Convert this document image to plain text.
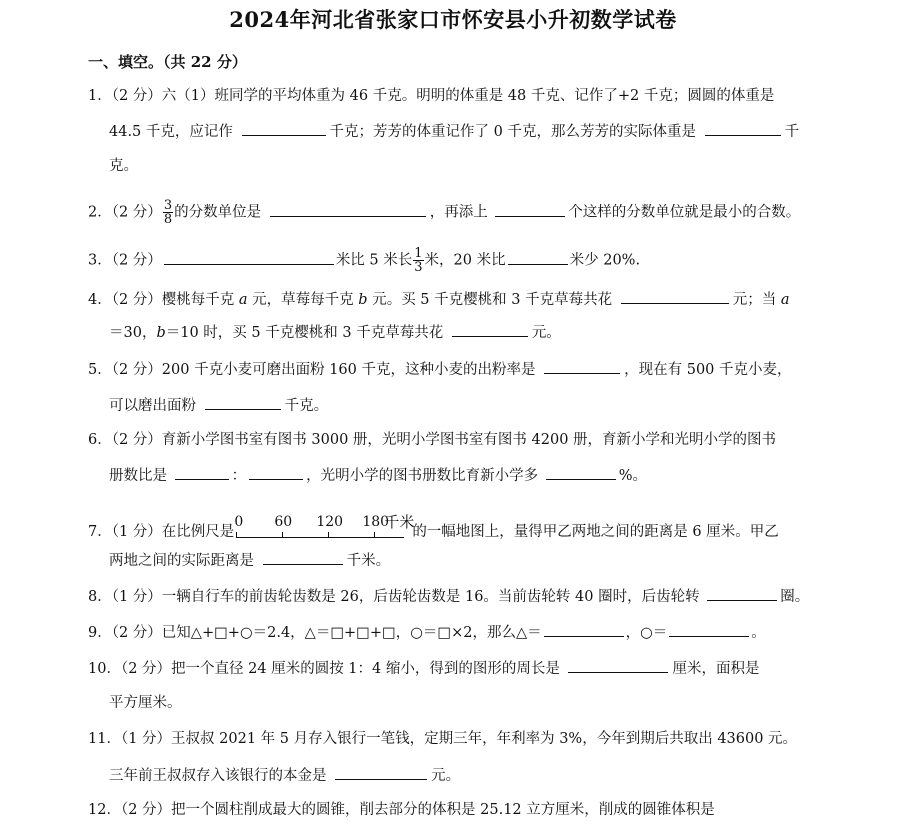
2024年河北省张家口市怀安县小升初数学试卷
一、填空。（共 22 分）
1．（2 分）六（1）班同学的平均体重为 46 千克。明明的体重是 48 千克、记作了+2 千克；圆圆的体重是
44.5 千克，应记作	千克；芳芳的体重记作了 0 千克，那么芳芳的实际体重是	千
克。
2．（2 分） $\frac{3}{8}$ 的分数单位是	，再添上	个这样的分数单位就是最小的合数。
3．（2 分）	米比 5 米长 $\frac{1}{3}$ 米，20 米比	米少 20%.
4．（2 分）樱桃每千克 a 元，草莓每千克 b 元。买 5 千克樱桃和 3 千克草莓共花	元；当 a
＝30，b＝10 时，买 5 千克樱桃和 3 千克草莓共花	元。
5．（2 分）200 千克小麦可磨出面粉 160 千克，这种小麦的出粉率是	，现在有 500 千克小麦，
可以磨出面粉	千克。
6．（2 分）育新小学图书室有图书 3000 册，光明小学图书室有图书 4200 册，育新小学和光明小学的图书
册数比是	：	，光明小学的图书册数比育新小学多	%。
7．（1 分）在比例尺是
0 60 120 180
千米
的一幅地图上，量得甲乙两地之间的距离是 6 厘米。甲乙
两地之间的实际距离是	千米。
8．（1 分）一辆自行车的前齿轮齿数是 26，后齿轮齿数是 16。当前齿轮转 40 圈时，后齿轮转	圈。
9．（2 分）已知△+□+○＝2.4，△＝□+□+□，○＝□×2，那么△＝	，○＝	。
10．（2 分）把一个直径 24 厘米的圆按 1：4 缩小，得到的图形的周长是	厘米，面积是
平方厘米。
11．（1 分）王叔叔 2021 年 5 月存入银行一笔钱，定期三年，年利率为 3%，今年到期后共取出 43600 元。
三年前王叔叔存入该银行的本金是	元。
12．（2 分）把一个圆柱削成最大的圆锥，削去部分的体积是 25.12 立方厘米，削成的圆锥体积是
